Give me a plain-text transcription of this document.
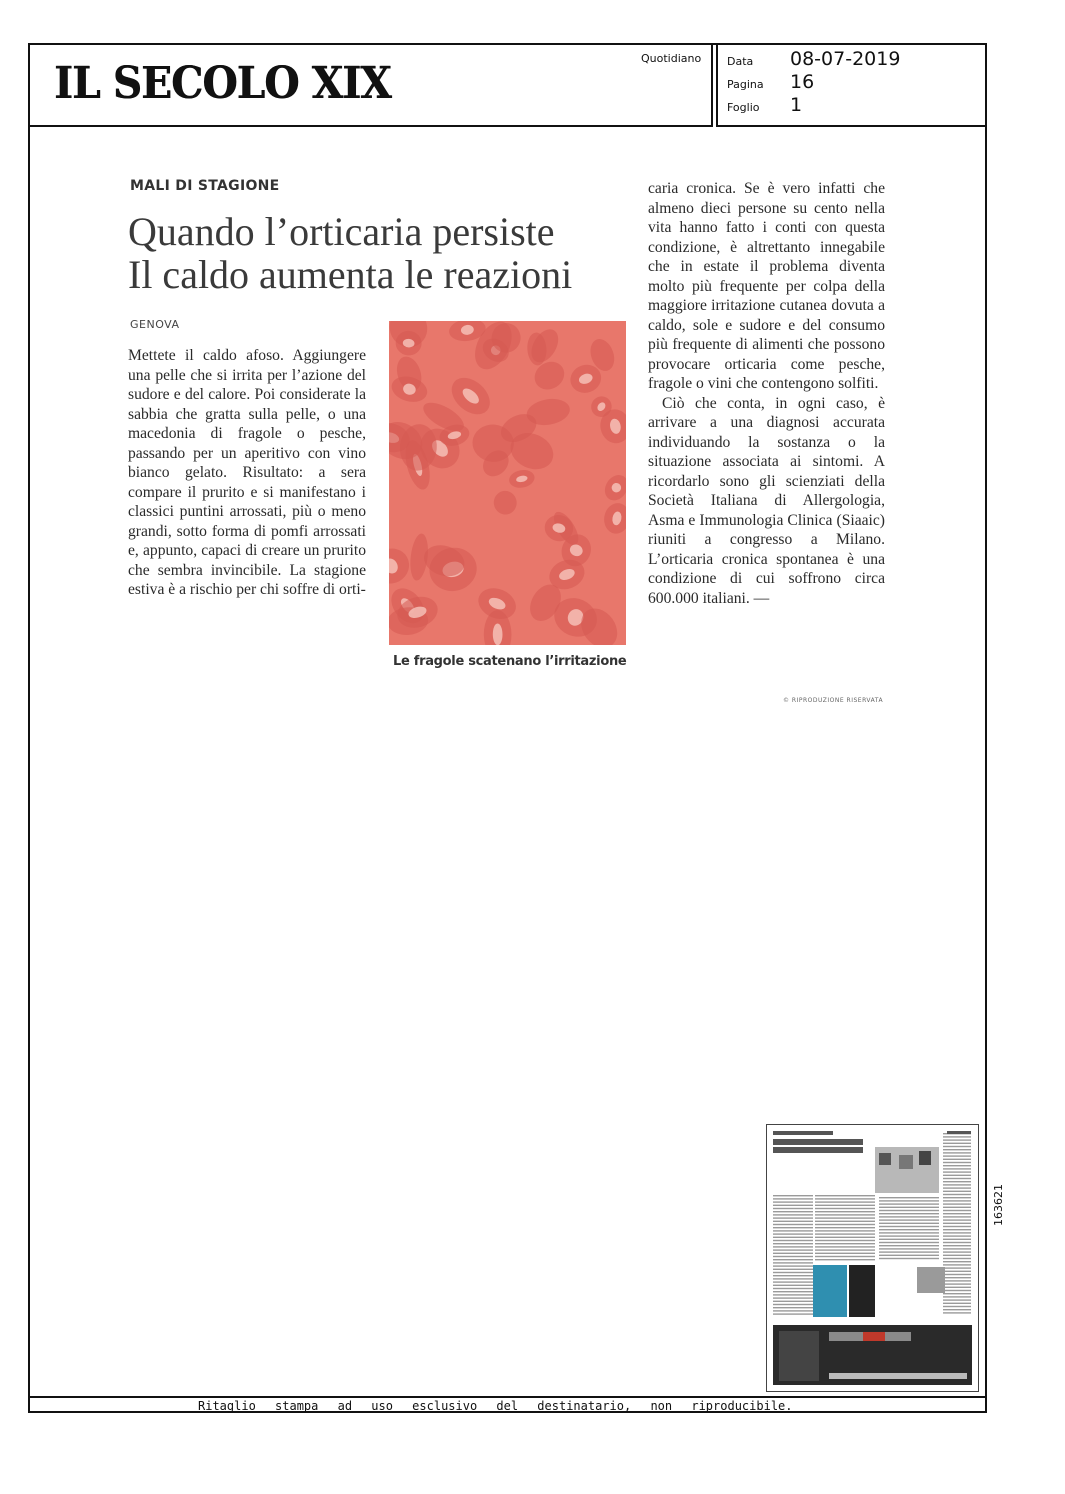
IL SECOLO XIX	Quotidiano Data 08-07-2019
Pagina 16
Foglio 1
MALI DI STAGIONE
Quando l’orticaria persiste
Il caldo aumenta le reazioni
GENOVA

Mettete il caldo afoso. Aggiungere una pelle che si irrita per l’azione del sudore e del calore. Poi considerate la sabbia che gratta sulla pelle, o una macedonia di fragole o pesche, passando per un aperitivo con vino bianco gelato. Risultato: a sera compare il prurito e si manifestano i classici puntini arrossati, più o meno grandi, sotto forma di pomfi arrossati e, appunto, capaci di creare un prurito che sembra invincibile. La stagione estiva è a rischio per chi soffre di orti-

Le fragole scatenano l’irritazione

caria cronica. Se è vero infatti che almeno dieci persone su cento nella vita hanno fatto i conti con questa condizione, è altrettanto innegabile che in estate il problema diventa molto più frequente per colpa della maggiore irritazione cutanea dovuta a caldo, sole e sudore e del consumo più frequente di alimenti che possono provocare orticaria come pesche, fragole o vini che contengono solfiti.

Ciò che conta, in ogni caso, è arrivare a una diagnosi accurata individuando la sostanza o la situazione associata ai sintomi. A ricordarlo sono gli scienziati della Società Italiana di Allergologia, Asma e Immunologia Clinica (Siaaic) riuniti a congresso a Milano. L’orticaria cronica spontanea è una condizione di cui soffrono circa 600.000 italiani. —

© RIPRODUZIONE RISERVATA
163621
Ritaglio stampa ad uso esclusivo del destinatario, non riproducibile.
